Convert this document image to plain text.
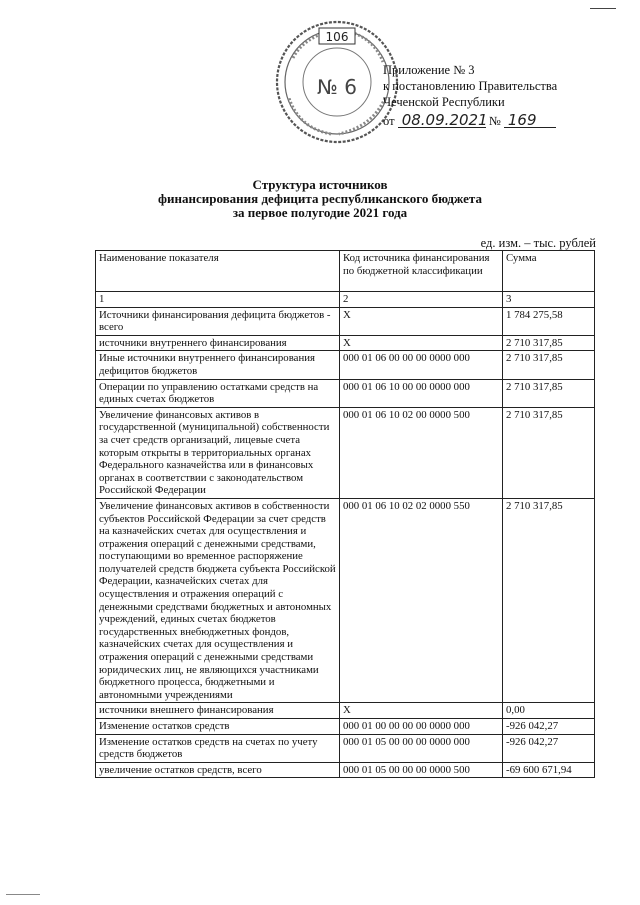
106
№ 6
Приложение № 3
к постановлению Правительства
Чеченской Республики
от 08.09.2021 № 169
Структура источников
финансирования дефицита республиканского бюджета
за первое полугодие 2021 года
ед. изм. – тыс. рублей
Наименование показателя	Код источника финансирования по бюджетной классификации	Сумма
1	2	3
Источники финансирования дефицита бюджетов - всего	Х	1 784 275,58
источники внутреннего финансирования	Х	2 710 317,85
Иные источники внутреннего финансирования дефицитов бюджетов	000 01 06 00 00 00 0000 000	2 710 317,85
Операции по управлению остатками средств на единых счетах бюджетов	000 01 06 10 00 00 0000 000	2 710 317,85
Увеличение финансовых активов в государственной (муниципальной) собственности за счет средств организаций, лицевые счета которым открыты в территориальных органах Федерального казначейства или в финансовых органах в соответствии с законодательством Российской Федерации	000 01 06 10 02 00 0000 500	2 710 317,85
Увеличение финансовых активов в собственности субъектов Российской Федерации за счет средств на казначейских счетах для осуществления и отражения операций с денежными средствами, поступающими во временное распоряжение получателей средств бюджета субъекта Российской Федерации, казначейских счетах для осуществления и отражения операций с денежными средствами бюджетных и автономных учреждений, единых счетах бюджетов государственных внебюджетных фондов, казначейских счетах для осуществления и отражения операций с денежными средствами юридических лиц, не являющихся участниками бюджетного процесса, бюджетными и автономными учреждениями	000 01 06 10 02 02 0000 550	2 710 317,85
источники внешнего финансирования	Х	0,00
Изменение остатков средств	000 01 00 00 00 00 0000 000	-926 042,27
Изменение остатков средств на счетах по учету средств бюджетов	000 01 05 00 00 00 0000 000	-926 042,27
увеличение остатков средств, всего	000 01 05 00 00 00 0000 500	-69 600 671,94
